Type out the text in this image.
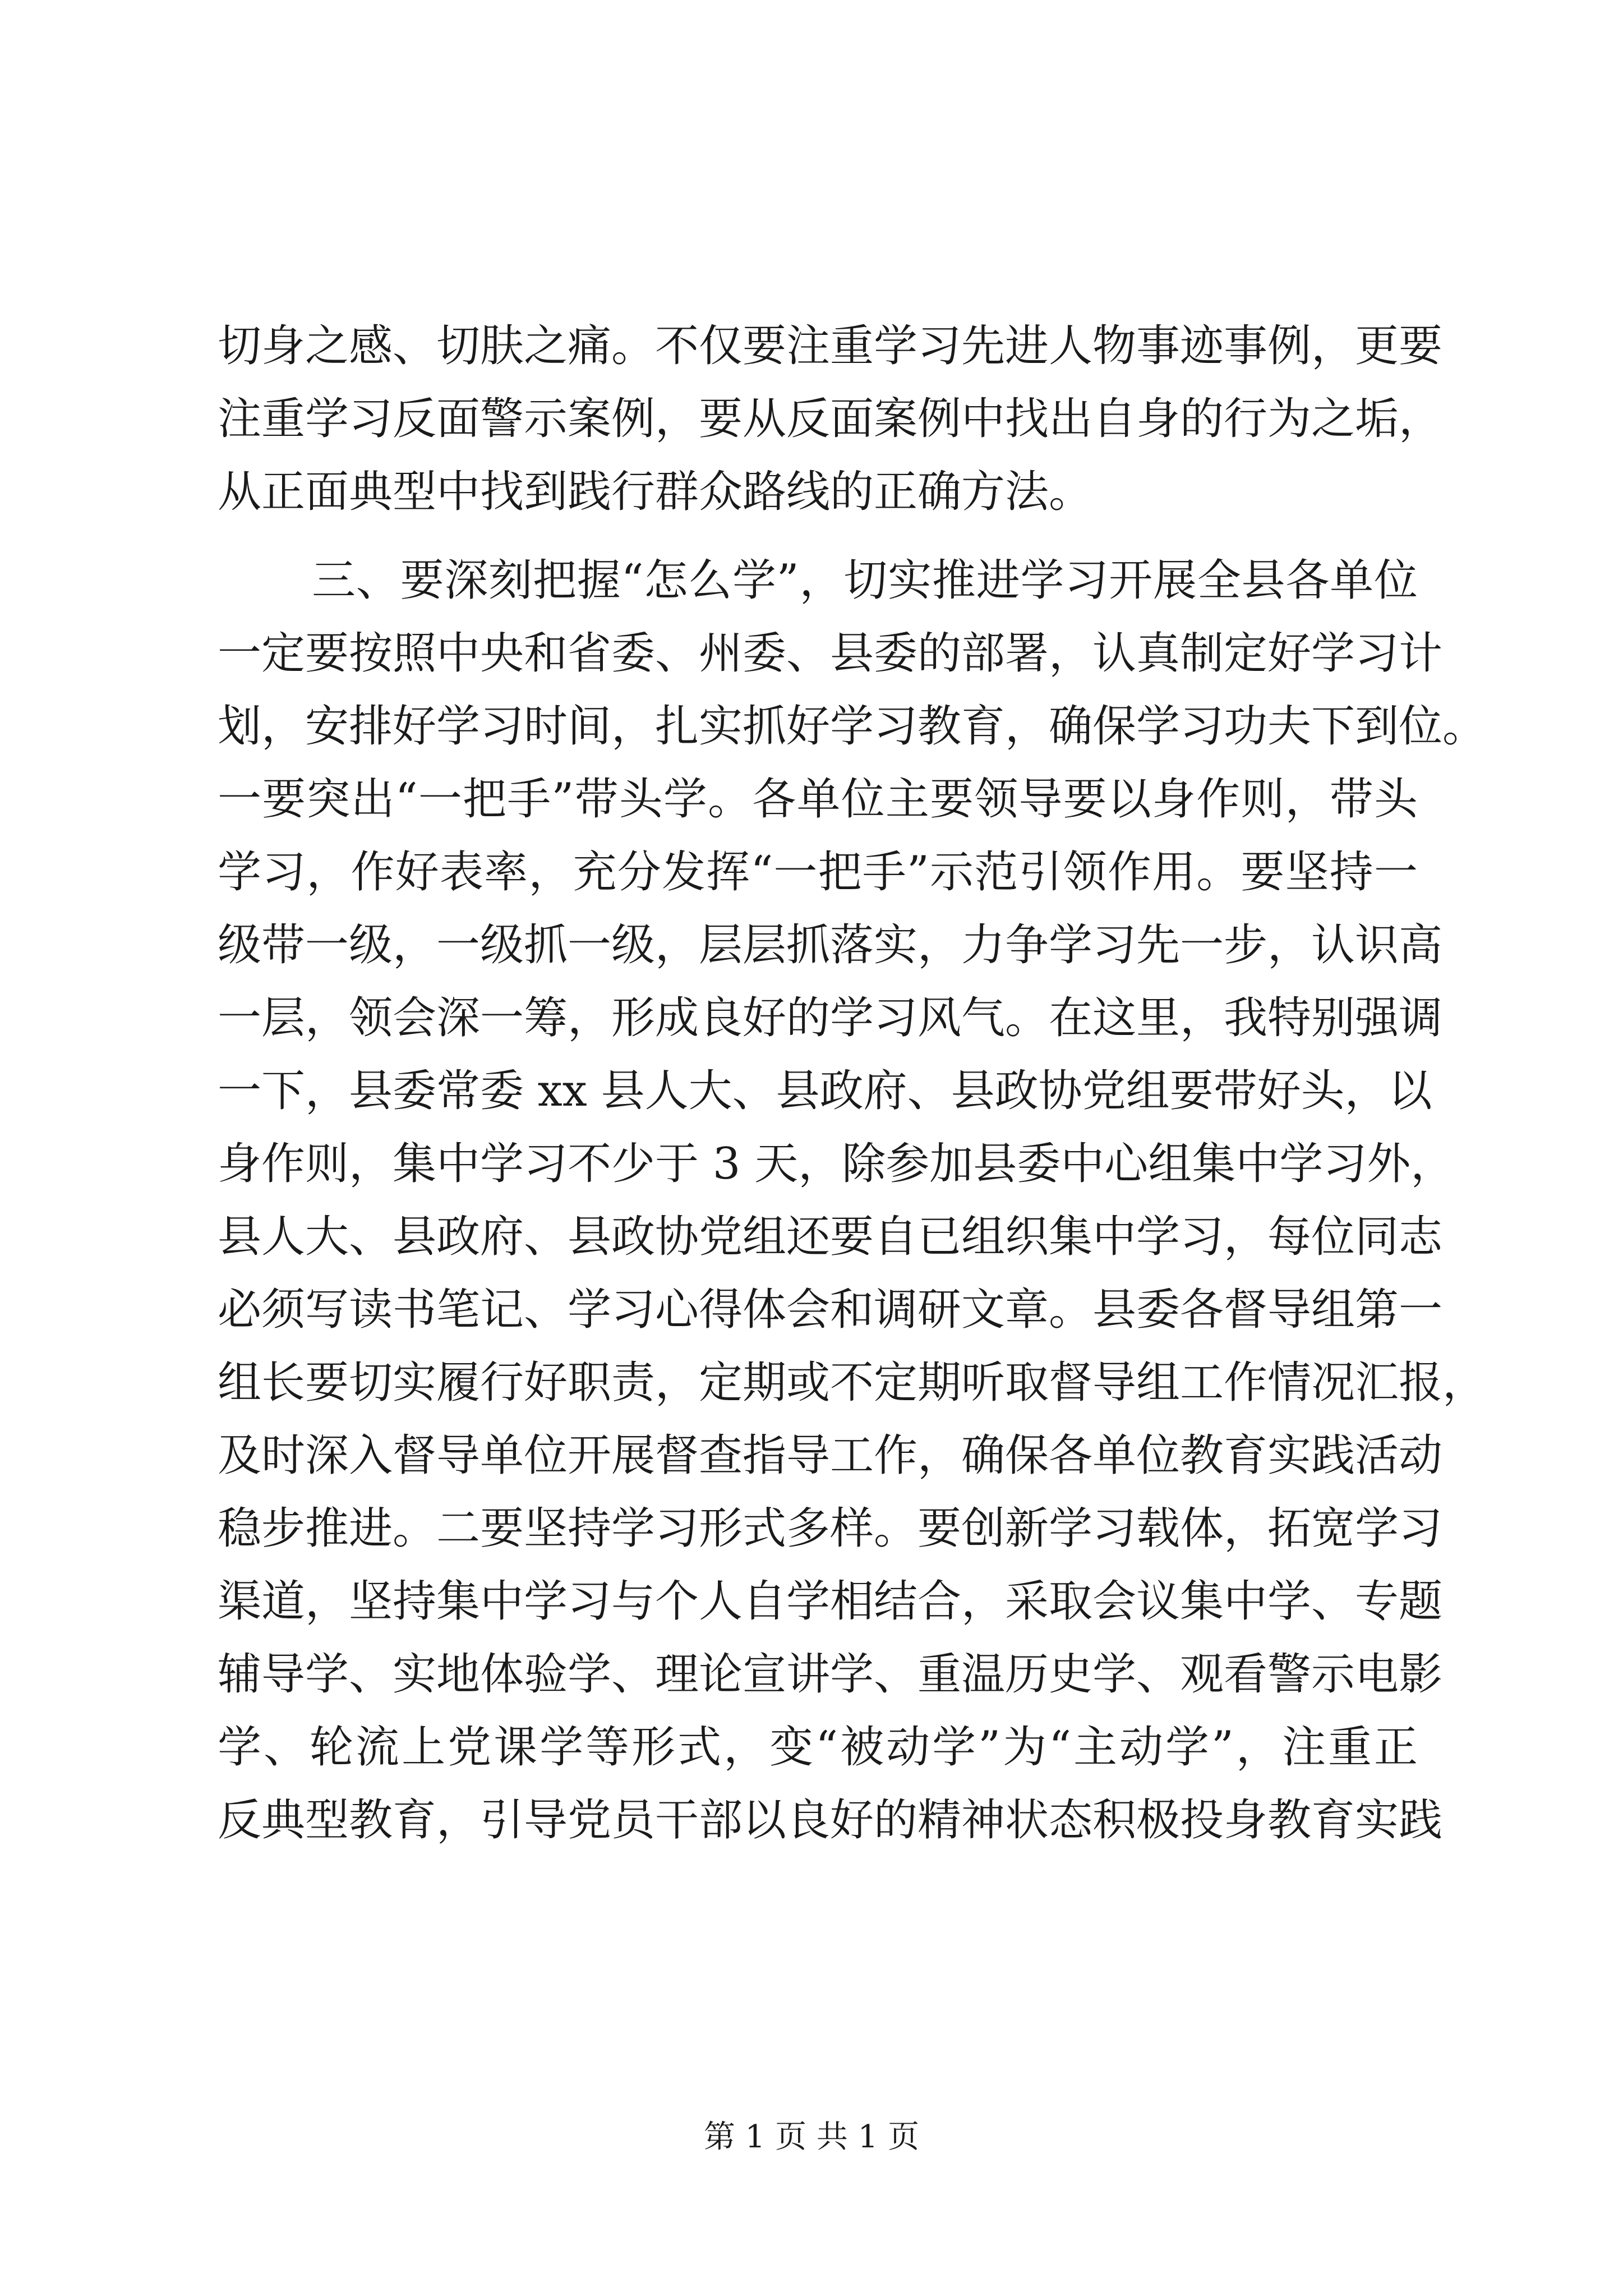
切身之感、切肤之痛。不仅要注重学习先进人物事迹事例，更要
注重学习反面警示案例，要从反面案例中找出自身的行为之垢，
从正面典型中找到践行群众路线的正确方法。
三、要深刻把握“怎么学”，切实推进学习开展全县各单位
一定要按照中央和省委、州委、县委的部署，认真制定好学习计
划，安排好学习时间，扎实抓好学习教育，确保学习功夫下到位。
一要突出“一把手”带头学。各单位主要领导要以身作则，带头
学习，作好表率，充分发挥“一把手”示范引领作用。要坚持一
级带一级，一级抓一级，层层抓落实，力争学习先一步，认识高
一层，领会深一筹，形成良好的学习风气。在这里，我特别强调
一下，县委常委 xx 县人大、县政府、县政协党组要带好头，以
身作则，集中学习不少于 3 天，除参加县委中心组集中学习外，
县人大、县政府、县政协党组还要自已组织集中学习，每位同志
必须写读书笔记、学习心得体会和调研文章。县委各督导组第一
组长要切实履行好职责，定期或不定期听取督导组工作情况汇报，
及时深入督导单位开展督查指导工作，确保各单位教育实践活动
稳步推进。二要坚持学习形式多样。要创新学习载体，拓宽学习
渠道，坚持集中学习与个人自学相结合，采取会议集中学、专题
辅导学、实地体验学、理论宣讲学、重温历史学、观看警示电影
学、轮流上党课学等形式，变“被动学”为“主动学”，注重正
反典型教育，引导党员干部以良好的精神状态积极投身教育实践
第 1 页 共 1 页
